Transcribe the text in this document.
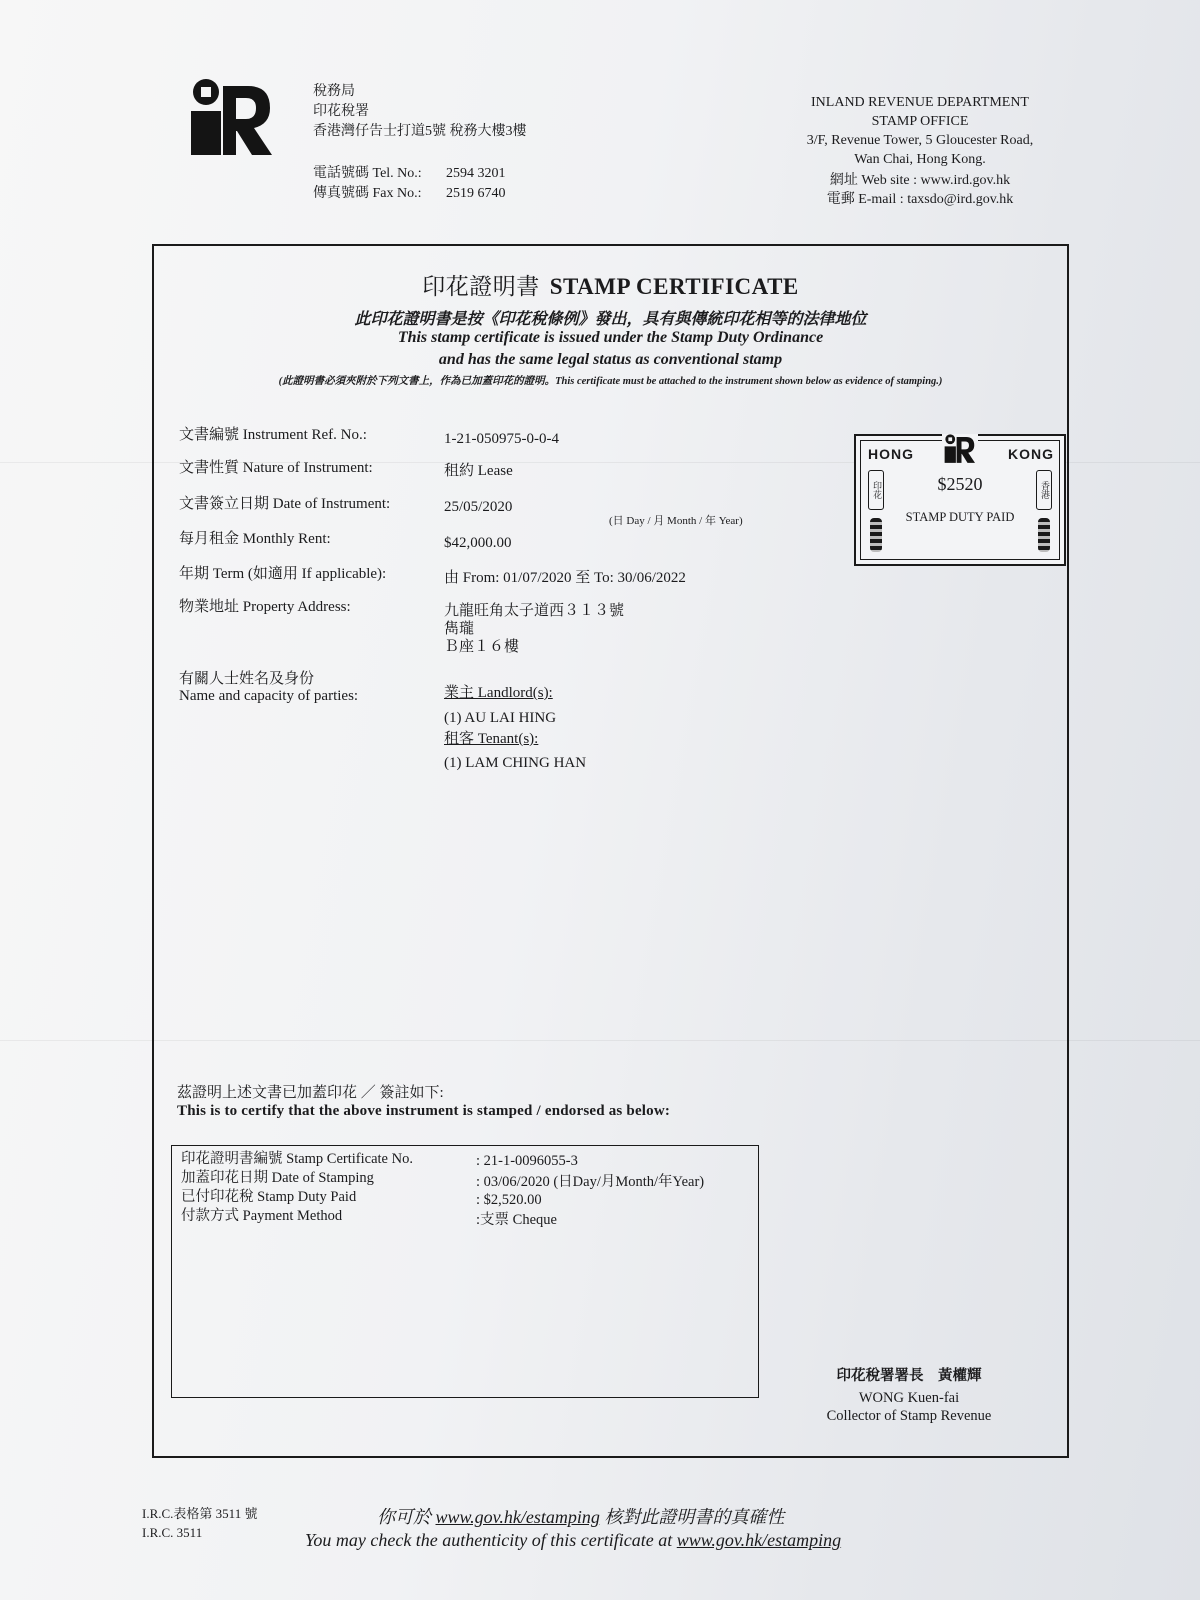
稅務局
印花稅署
香港灣仔告士打道5號 稅務大樓3樓
電話號碼 Tel. No.:	2594 3201
傳真號碼 Fax No.:	2519 6740
INLAND REVENUE DEPARTMENT
STAMP OFFICE
3/F, Revenue Tower, 5 Gloucester Road,
Wan Chai, Hong Kong.
網址 Web site : www.ird.gov.hk
電郵 E-mail : taxsdo@ird.gov.hk
印花證明書 STAMP CERTIFICATE
此印花證明書是按《印花稅條例》發出，具有與傳統印花相等的法律地位
This stamp certificate is issued under the Stamp Duty Ordinance
and has the same legal status as conventional stamp
(此證明書必須夾附於下列文書上，作為已加蓋印花的證明。This certificate must be attached to the instrument shown below as evidence of stamping.)
文書編號 Instrument Ref. No.:	1-21-050975-0-0-4
文書性質 Nature of Instrument:	租約 Lease
文書簽立日期 Date of Instrument:	25/05/2020
(日 Day / 月 Month / 年 Year)
每月租金 Monthly Rent:	$42,000.00
年期 Term (如適用 If applicable):	由 From: 01/07/2020 至 To: 30/06/2022
物業地址 Property Address:	九龍旺角太子道西３１３號
雋瓏
Ｂ座１６樓
有關人士姓名及身份
Name and capacity of parties:	業主 Landlord(s):
(1) AU LAI HING
租客 Tenant(s):
(1) LAM CHING HAN
HONG	KONG
印花	香港
$2520
STAMP DUTY PAID
茲證明上述文書已加蓋印花 ／ 簽註如下:
This is to certify that the above instrument is stamped / endorsed as below:
印花證明書編號 Stamp Certificate No.	: 21-1-0096055-3
加蓋印花日期 Date of Stamping	: 03/06/2020 (日Day/月Month/年Year)
已付印花稅 Stamp Duty Paid	: $2,520.00
付款方式 Payment Method	:支票 Cheque
印花稅署署長　黃權輝
WONG Kuen-fai
Collector of Stamp Revenue
I.R.C.表格第 3511 號
I.R.C. 3511
你可於 www.gov.hk/estamping 核對此證明書的真確性
You may check the authenticity of this certificate at www.gov.hk/estamping
